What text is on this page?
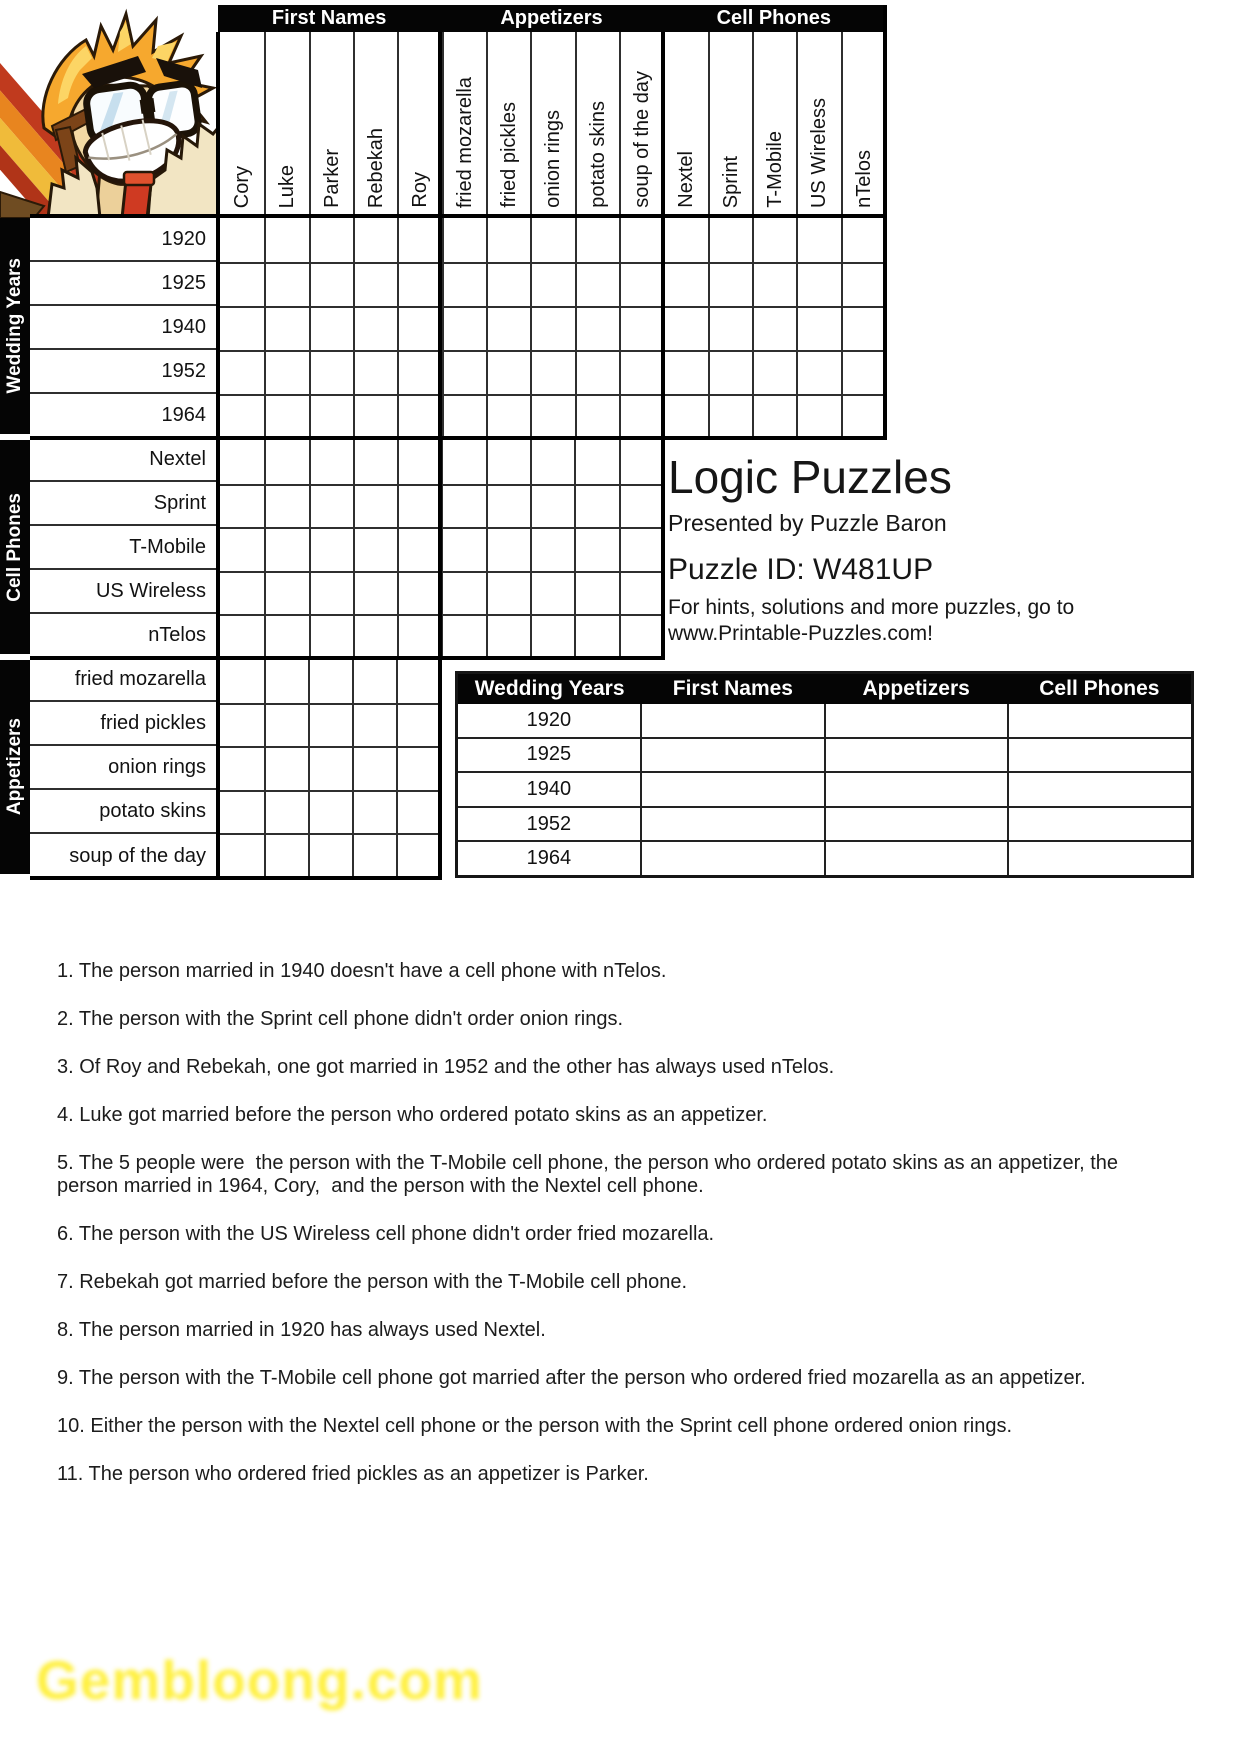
First Names	Appetizers	Cell Phones
Cory Luke Parker Rebekah Roy fried mozarella fried pickles onion rings potato skins soup of the day Nextel Sprint T-Mobile US Wireless nTelos
Wedding Years
Cell Phones
Appetizers
1920
1925
1940
1952
1964
Nextel
Sprint
T-Mobile
US Wireless
nTelos
fried mozarella
fried pickles
onion rings
potato skins
soup of the day
Logic Puzzles
Presented by Puzzle Baron
Puzzle ID: W481UP
For hints, solutions and more puzzles, go to
www.Printable-Puzzles.com!
Wedding Years	First Names	Appetizers	Cell Phones
1920
1925
1940
1952
1964
1. The person married in 1940 doesn't have a cell phone with nTelos.
2. The person with the Sprint cell phone didn't order onion rings.
3. Of Roy and Rebekah, one got married in 1952 and the other has always used nTelos.
4. Luke got married before the person who ordered potato skins as an appetizer.
5. The 5 people were  the person with the T-Mobile cell phone, the person who ordered potato skins as an appetizer, the person married in 1964, Cory,  and the person with the Nextel cell phone.
6. The person with the US Wireless cell phone didn't order fried mozarella.
7. Rebekah got married before the person with the T-Mobile cell phone.
8. The person married in 1920 has always used Nextel.
9. The person with the T-Mobile cell phone got married after the person who ordered fried mozarella as an appetizer.
10. Either the person with the Nextel cell phone or the person with the Sprint cell phone ordered onion rings.
11. The person who ordered fried pickles as an appetizer is Parker.
Gembloong.com
